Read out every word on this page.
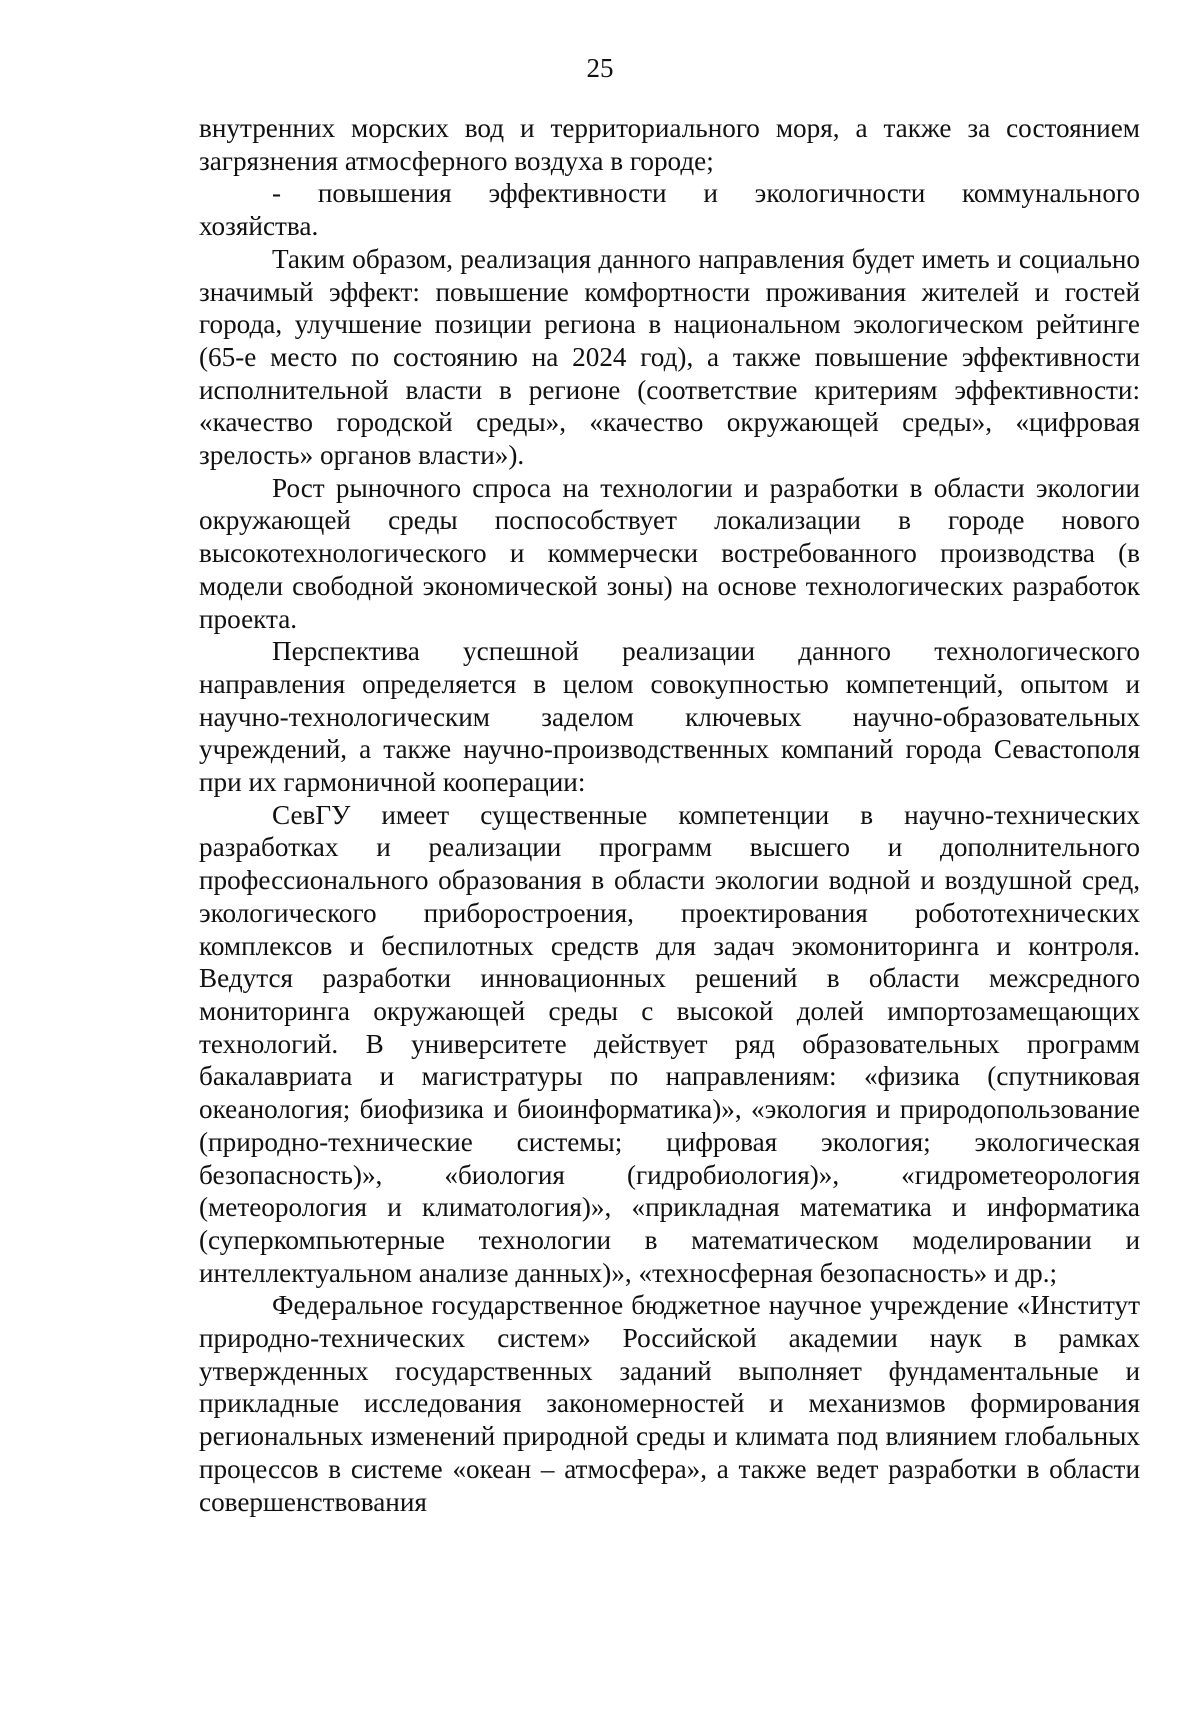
25

внутренних морских вод и территориального моря, а также за состоянием загрязнения атмосферного воздуха в городе;

- повышения эффективности и экологичности коммунального хозяйства.

Таким образом, реализация данного направления будет иметь и социально значимый эффект: повышение комфортности проживания жителей и гостей города, улучшение позиции региона в национальном экологическом рейтинге (65-е место по состоянию на 2024 год), а также повышение эффективности исполнительной власти в регионе (соответствие критериям эффективности: «качество городской среды», «качество окружающей среды», «цифровая зрелость» органов власти»).

Рост рыночного спроса на технологии и разработки в области экологии окружающей среды поспособствует локализации в городе нового высокотехнологического и коммерчески востребованного производства (в модели свободной экономической зоны) на основе технологических разработок проекта.

Перспектива успешной реализации данного технологического направления определяется в целом совокупностью компетенций, опытом и научно-технологическим заделом ключевых научно-образовательных учреждений, а также научно-производственных компаний города Севастополя при их гармоничной кооперации:

СевГУ имеет существенные компетенции в научно-технических разработках и реализации программ высшего и дополнительного профессионального образования в области экологии водной и воздушной сред, экологического приборостроения, проектирования робототехнических комплексов и беспилотных средств для задач экомониторинга и контроля. Ведутся разработки инновационных решений в области межсредного мониторинга окружающей среды с высокой долей импортозамещающих технологий. В университете действует ряд образовательных программ бакалавриата и магистратуры по направлениям: «физика (спутниковая океанология; биофизика и биоинформатика)», «экология и природопользование (природно-технические системы; цифровая экология; экологическая безопасность)», «биология (гидробиология)», «гидрометеорология (метеорология и климатология)», «прикладная математика и информатика (суперкомпьютерные технологии в математическом моделировании и интеллектуальном анализе данных)», «техносферная безопасность» и др.;

Федеральное государственное бюджетное научное учреждение «Институт природно-технических систем» Российской академии наук в рамках утвержденных государственных заданий выполняет фундаментальные и прикладные исследования закономерностей и механизмов формирования региональных изменений природной среды и климата под влиянием глобальных процессов в системе «океан – атмосфера», а также ведет разработки в области совершенствования
